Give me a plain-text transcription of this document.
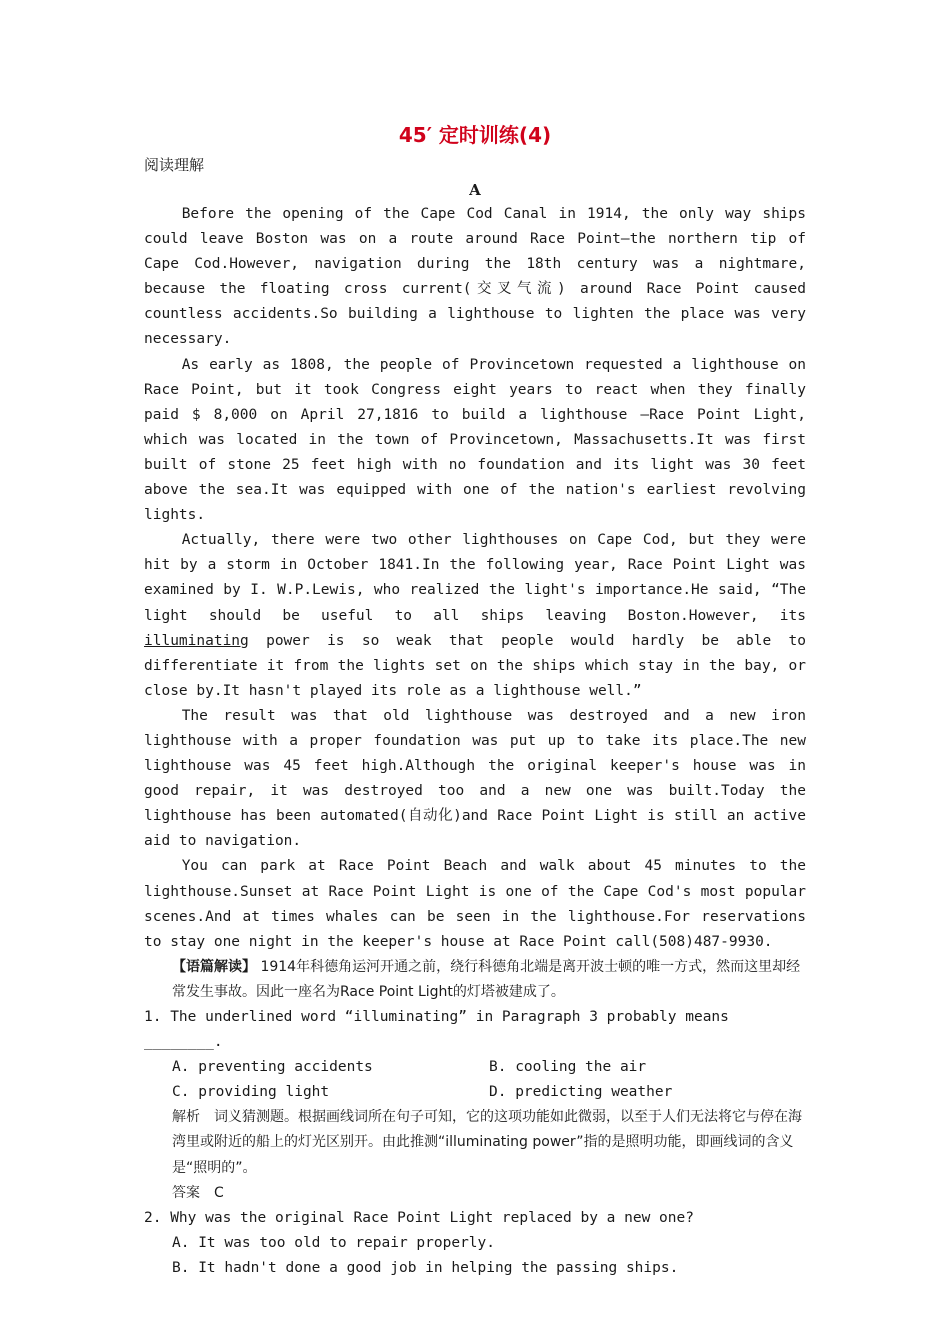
45′ 定时训练(4)
阅读理解
A

Before the opening of the Cape Cod Canal in 1914, the only way ships could leave Boston was on a route around Race Point—the northern tip of Cape Cod.However, navigation during the 18th century was a nightmare, because the floating cross current(交叉气流) around Race Point caused countless accidents.So building a lighthouse to lighten the place was very necessary.

As early as 1808, the people of Provincetown requested a lighthouse on Race Point, but it took Congress eight years to react when they finally paid $ 8,000 on April 27,1816 to build a lighthouse —Race Point Light, which was located in the town of Provincetown, Massachusetts.It was first built of stone 25 feet high with no foundation and its light was 30 feet above the sea.It was equipped with one of the nation's earliest revolving lights.

Actually, there were two other lighthouses on Cape Cod, but they were hit by a storm in October 1841.In the following year, Race Point Light was examined by I. W.P.Lewis, who realized the light's importance.He said, “The light should be useful to all ships leaving Boston.However, its illuminating power is so weak that people would hardly be able to differentiate it from the lights set on the ships which stay in the bay, or close by.It hasn't played its role as a lighthouse well.”

The result was that old lighthouse was destroyed and a new iron lighthouse with a proper foundation was put up to take its place.The new lighthouse was 45 feet high.Although the original keeper's house was in good repair, it was destroyed too and a new one was built.Today the lighthouse has been automated(自动化)and Race Point Light is still an active aid to navigation.

You can park at Race Point Beach and walk about 45 minutes to the lighthouse.Sunset at Race Point Light is one of the Cape Cod's most popular scenes.And at times whales can be seen in the lighthouse.For reservations to stay one night in the keeper's house at Race Point call(508)487-9930.

【语篇解读】 1914年科德角运河开通之前，绕行科德角北端是离开波士顿的唯一方式，然而这里却经常发生事故。因此一座名为Race Point Light的灯塔被建成了。
1. The underlined word “illuminating” in Paragraph 3 probably means ________.
A. preventing accidents	B. cooling the air
C. providing light	D. predicting weather
解析　词义猜测题。根据画线词所在句子可知，它的这项功能如此微弱，以至于人们无法将它与停在海湾里或附近的船上的灯光区别开。由此推测“illuminating power”指的是照明功能，即画线词的含义是“照明的”。
答案　C
2. Why was the original Race Point Light replaced by a new one?
A. It was too old to repair properly.
B. It hadn't done a good job in helping the passing ships.
